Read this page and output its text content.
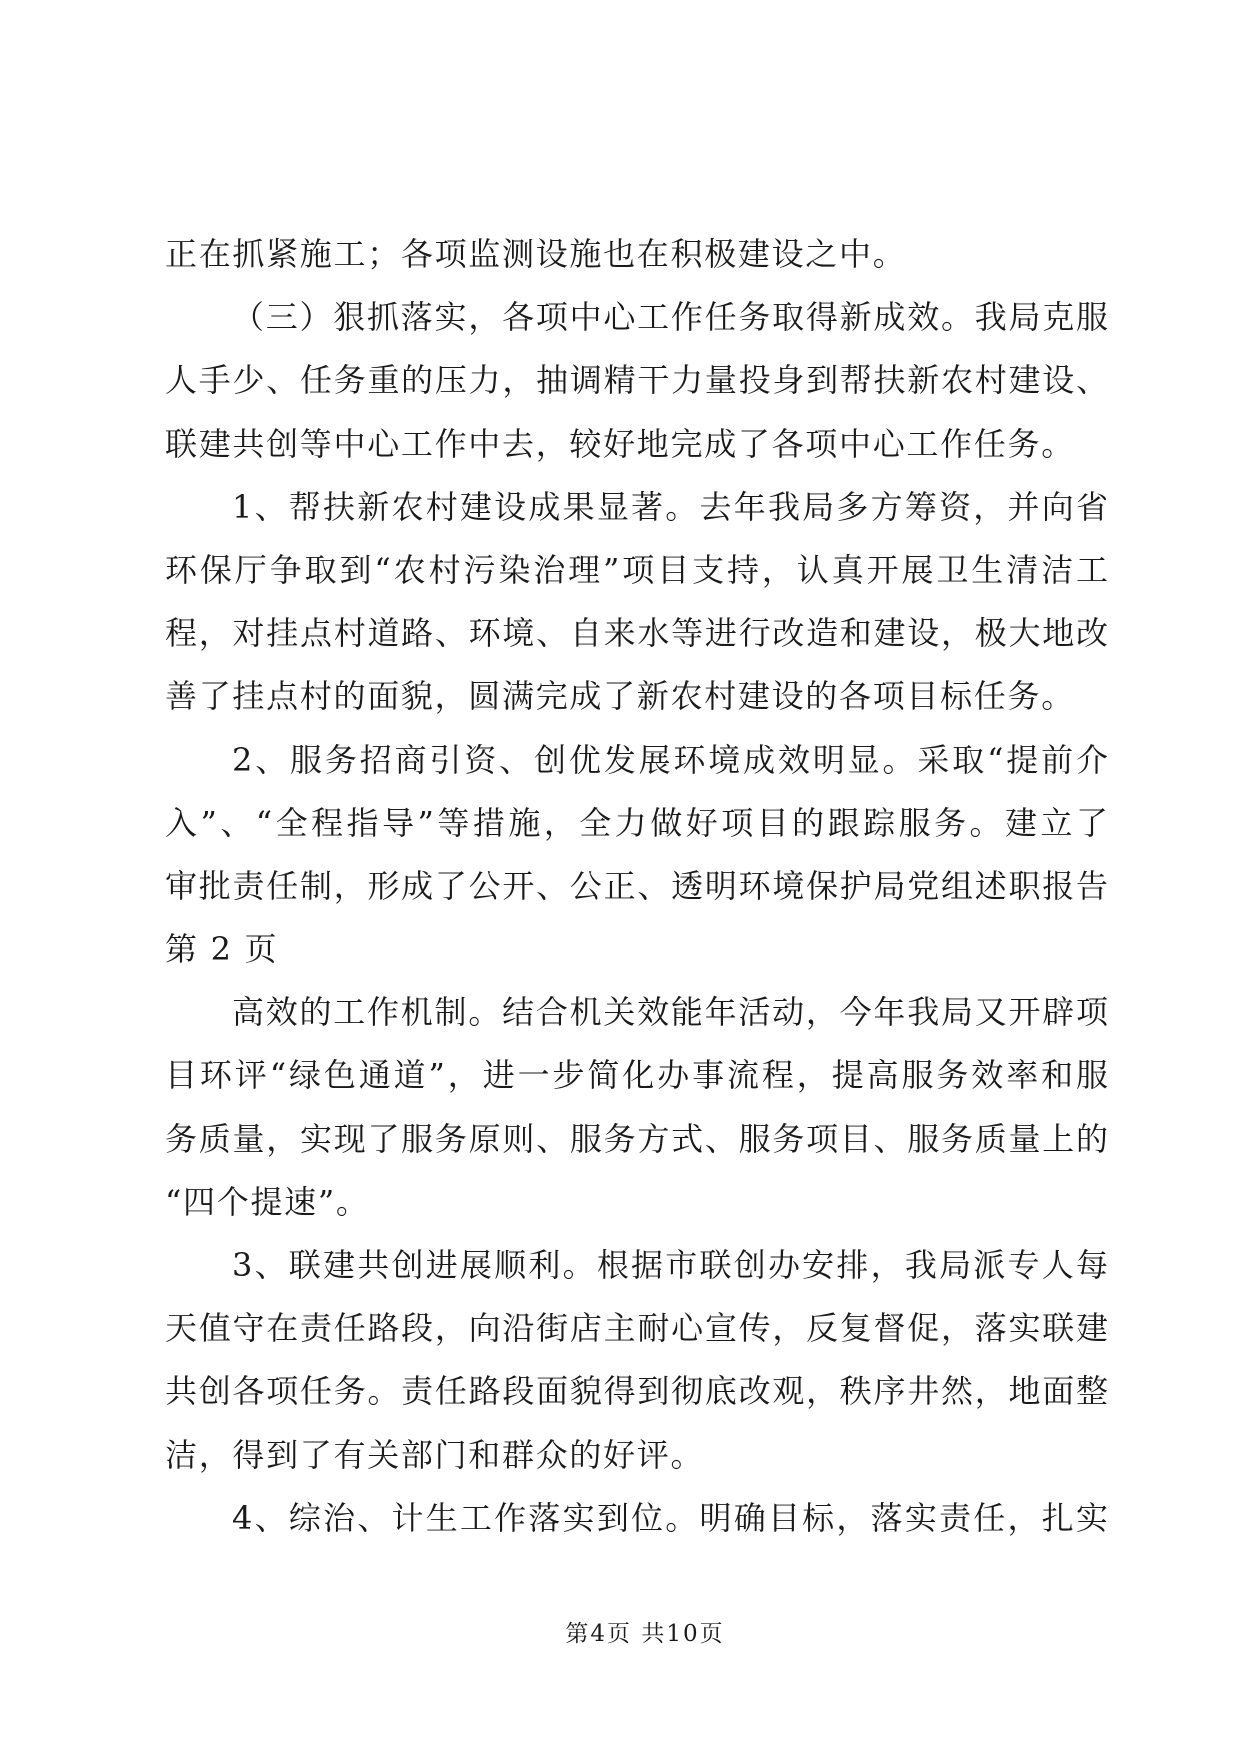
正在抓紧施工；各项监测设施也在积极建设之中。
（三）狠抓落实，各项中心工作任务取得新成效。我局克服
人手少、任务重的压力，抽调精干力量投身到帮扶新农村建设、
联建共创等中心工作中去，较好地完成了各项中心工作任务。
1、帮扶新农村建设成果显著。去年我局多方筹资，并向省
环保厅争取到“农村污染治理”项目支持，认真开展卫生清洁工
程，对挂点村道路、环境、自来水等进行改造和建设，极大地改
善了挂点村的面貌，圆满完成了新农村建设的各项目标任务。
2、服务招商引资、创优发展环境成效明显。采取“提前介
入”、“全程指导”等措施，全力做好项目的跟踪服务。建立了
审批责任制，形成了公开、公正、透明环境保护局党组述职报告
第 2 页
高效的工作机制。结合机关效能年活动，今年我局又开辟项
目环评“绿色通道”，进一步简化办事流程，提高服务效率和服
务质量，实现了服务原则、服务方式、服务项目、服务质量上的
“四个提速”。
3、联建共创进展顺利。根据市联创办安排，我局派专人每
天值守在责任路段，向沿街店主耐心宣传，反复督促，落实联建
共创各项任务。责任路段面貌得到彻底改观，秩序井然，地面整
洁，得到了有关部门和群众的好评。
4、综治、计生工作落实到位。明确目标，落实责任，扎实
第4页 共10页
